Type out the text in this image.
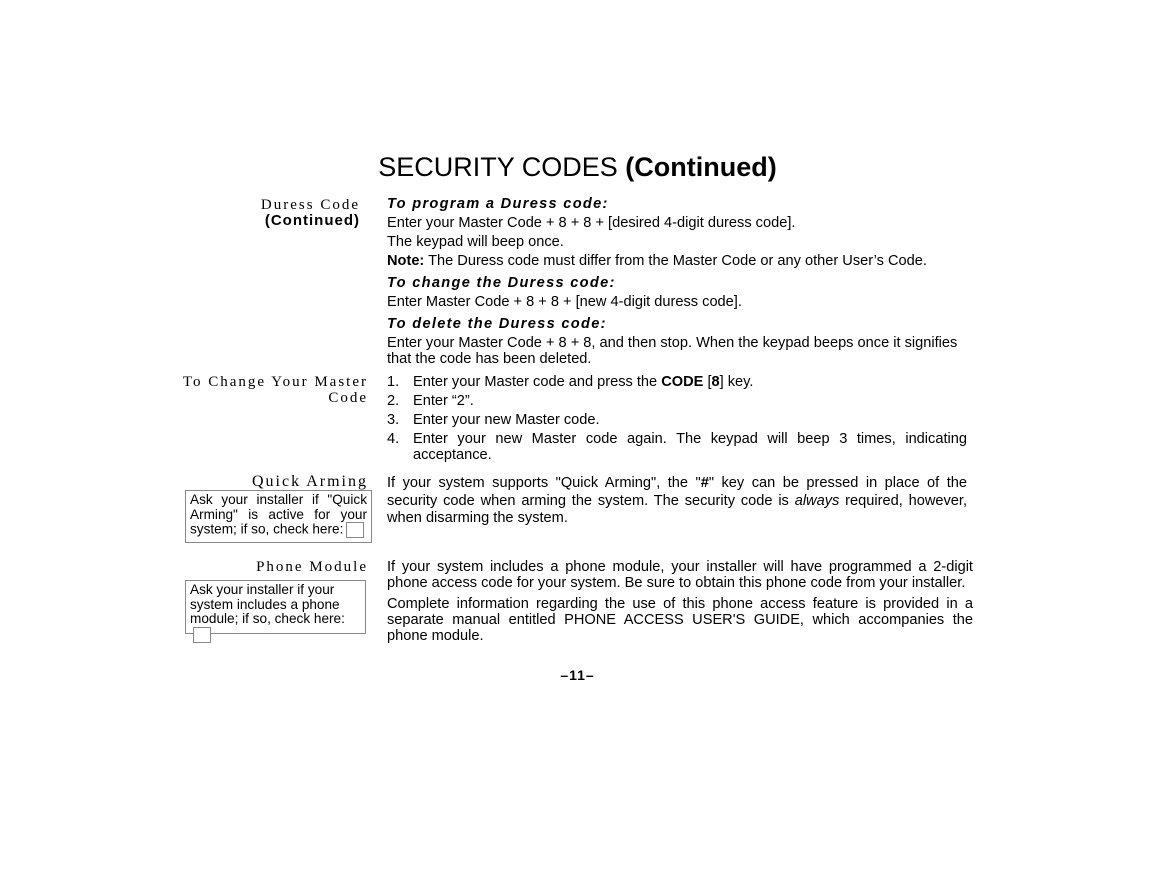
SECURITY CODES (Continued)
Duress Code
(Continued)
To program a Duress code:

Enter your Master Code + 8 + 8 + [desired 4-digit duress code].

The keypad will beep once.

Note: The Duress code must differ from the Master Code or any other User’s Code.

To change the Duress code:

Enter Master Code + 8 + 8 + [new 4-digit duress code].

To delete the Duress code:

Enter your Master Code + 8 + 8, and then stop. When the keypad beeps once it signifies that the code has been deleted.

To Change Your Master
Code
1. Enter your Master code and press the CODE [8] key.
2. Enter “2”.
3. Enter your new Master code.
4. Enter your new Master code again. The keypad will beep 3 times, indicating acceptance.
Quick Arming
Ask your installer if "Quick Arming" is active for your system; if so, check here:
If your system supports "Quick Arming", the "#" key can be pressed in place of the security code when arming the system. The security code is always required, however, when disarming the system.
Phone Module
Ask your installer if your system includes a phone module; if so, check here:

If your system includes a phone module, your installer will have programmed a 2-digit phone access code for your system. Be sure to obtain this phone code from your installer.

Complete information regarding the use of this phone access feature is provided in a separate manual entitled PHONE ACCESS USER'S GUIDE, which accompanies the phone module.

–11–
